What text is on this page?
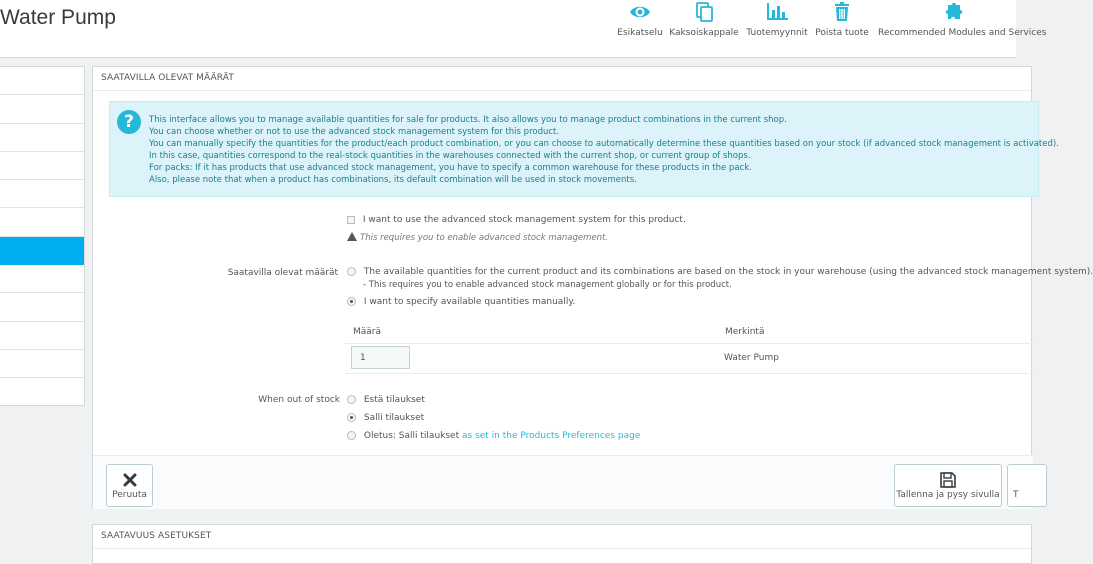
Water Pump
Esikatselu Kaksoiskappale Tuotemyynnit Poista tuote Recommended Modules and Services
SAATAVILLA OLEVAT MÄÄRÄT
?	This interface allows you to manage available quantities for sale for products. It also allows you to manage product combinations in the current shop.
You can choose whether or not to use the advanced stock management system for this product.
You can manually specify the quantities for the product/each product combination, or you can choose to automatically determine these quantities based on your stock (if advanced stock management is activated).
In this case, quantities correspond to the real-stock quantities in the warehouses connected with the current shop, or current group of shops.
For packs: If it has products that use advanced stock management, you have to specify a common warehouse for these products in the pack.
Also, please note that when a product has combinations, its default combination will be used in stock movements.
I want to use the advanced stock management system for this product.
This requires you to enable advanced stock management.
Saatavilla olevat määrät	The available quantities for the current product and its combinations are based on the stock in your warehouse (using the advanced stock management system).
- This requires you to enable advanced stock management globally or for this product.
I want to specify available quantities manually.
Määrä	Merkintä
1	Water Pump
When out of stock	Estä tilaukset
Salli tilaukset
Oletus: Salli tilaukset as set in the Products Preferences page
Peruuta	Tallenna ja pysy sivulla T
SAATAVUUS ASETUKSET
